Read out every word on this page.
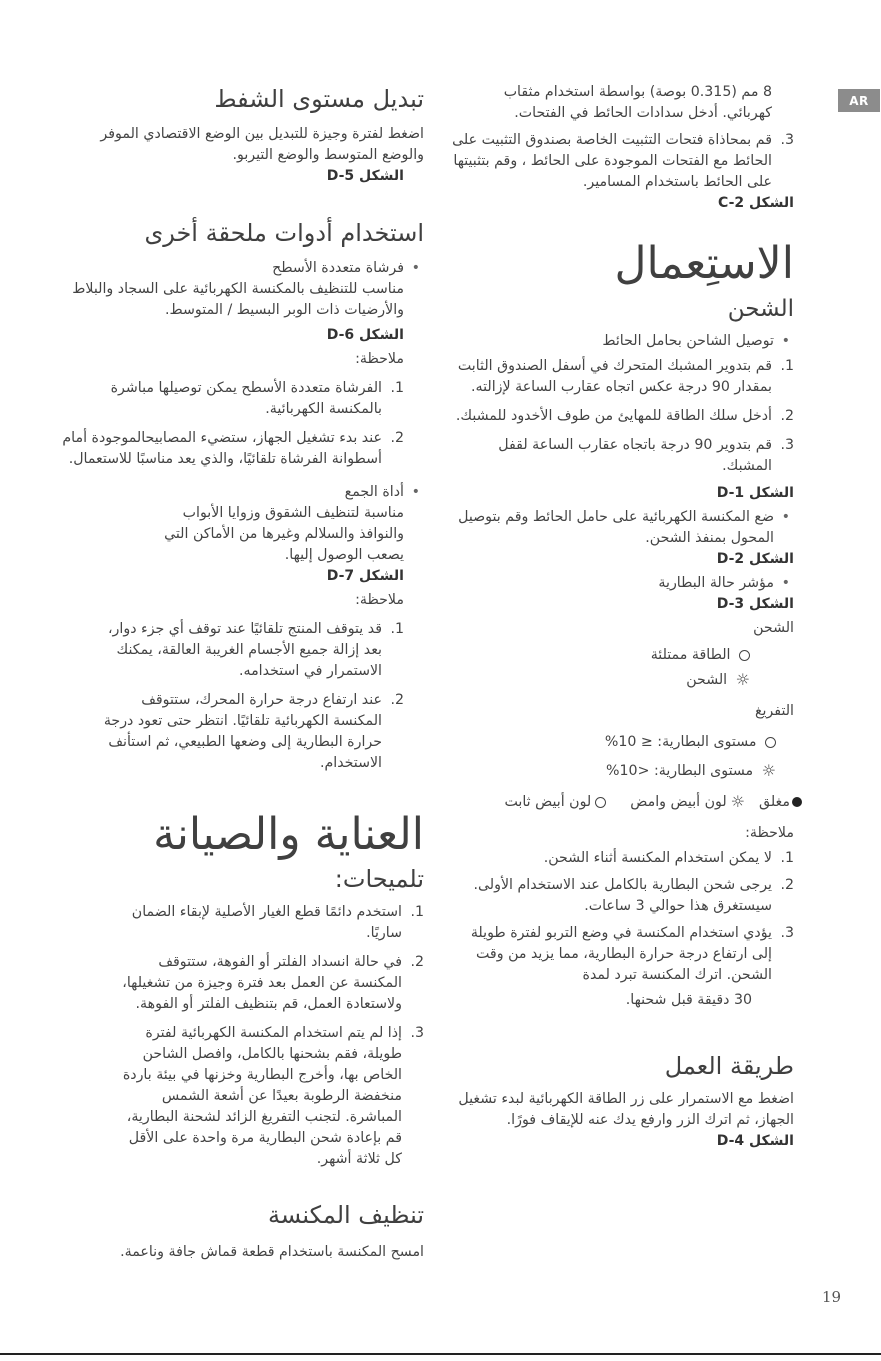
AR
8 مم (0.315 بوصة) بواسطة استخدام مثقاب
كهربائي. أدخل سدادات الحائط في الفتحات.
3.
قم بمحاذاة فتحات التثبيت الخاصة بصندوق التثبيت على الحائط مع الفتحات الموجودة على الحائط ، وقم بتثبيتها على الحائط باستخدام المسامير.
الشكل C-2
الاستِعمال
الشحن
• توصيل الشاحن بحامل الحائط
1.
قم بتدوير المشبك المتحرك في أسفل الصندوق الثابت بمقدار 90 درجة عكس اتجاه عقارب الساعة لإزالته.
2.
أدخل سلك الطاقة للمهايئ من طوف الأخدود للمشبك.
3.
قم بتدوير 90 درجة باتجاه عقارب الساعة لقفل المشبك.
الشكل D-1
• ضع المكنسة الكهربائية على حامل الحائط وقم بتوصيل المحول بمنفذ الشحن.
الشكل D-2
• مؤشر حالة البطارية
الشكل D-3
الشحن
الطاقة ممتلئة
☼ الشحن
التفريغ
مستوى البطارية: ≤ 10%
☼ مستوى البطارية: <10%
مغلق
☼لون أبيض وامض
لون أبيض ثابت
ملاحظة:
1.
لا يمكن استخدام المكنسة أثناء الشحن.
2.
يرجى شحن البطارية بالكامل عند الاستخدام الأولى. سيستغرق هذا حوالي 3 ساعات.
3.
يؤدي استخدام المكنسة في وضع التربو لفترة طويلة إلى ارتفاع درجة حرارة البطارية، مما يزيد من وقت الشحن. اترك المكنسة تبرد لمدة
30 دقيقة قبل شحنها.
طريقة العمل
اضغط مع الاستمرار على زر الطاقة الكهربائية لبدء تشغيل الجهاز، ثم اترك الزر وارفع يدك عنه للإيقاف فورًا.
الشكل D-4
تبديل مستوى الشفط
اضغط لفترة وجيزة للتبديل بين الوضع الاقتصادي الموفر والوضع المتوسط والوضع التيربو.
الشكل D-5
استخدام أدوات ملحقة أخرى
• فرشاة متعددة الأسطح
مناسب للتنظيف بالمكنسة الكهربائية على السجاد والبلاط والأرضيات ذات الوبر البسيط / المتوسط.
الشكل D-6
ملاحظة:
1.
الفرشاة متعددة الأسطح يمكن توصيلها مباشرة بالمكنسة الكهربائية.
2.
عند بدء تشغيل الجهاز، ستضيء المصابيحالموجودة أمام أسطوانة الفرشاة تلقائيًا، والذي يعد مناسبًا للاستعمال.
• أداة الجمع
مناسبة لتنظيف الشقوق وزوايا الأبواب والنوافذ والسلالم وغيرها من الأماكن التي يصعب الوصول إليها.
الشكل D-7
ملاحظة:
1.
قد يتوقف المنتج تلقائيًا عند توقف أي جزء دوار، بعد إزالة جميع الأجسام الغريبة العالقة، يمكنك الاستمرار في استخدامه.
2.
عند ارتفاع درجة حرارة المحرك، ستتوقف المكنسة الكهربائية تلقائيًا. انتظر حتى تعود درجة حرارة البطارية إلى وضعها الطبيعي، ثم استأنف الاستخدام.
العناية والصيانة
تلميحات:
1.
استخدم دائمًا قطع الغيار الأصلية لإبقاء الضمان ساريًا.
2.
في حالة انسداد الفلتر أو الفوهة، ستتوقف المكنسة عن العمل بعد فترة وجيزة من تشغيلها، ولاستعادة العمل، قم بتنظيف الفلتر أو الفوهة.
3.
إذا لم يتم استخدام المكنسة الكهربائية لفترة طويلة، فقم بشحنها بالكامل، وافصل الشاحن الخاص بها، وأخرج البطارية وخزنها في بيئة باردة منخفضة الرطوبة بعيدًا عن أشعة الشمس المباشرة. لتجنب التفريغ الزائد لشحنة البطارية، قم بإعادة شحن البطارية مرة واحدة على الأقل كل ثلاثة أشهر.
تنظيف المكنسة
امسح المكنسة باستخدام قطعة قماش جافة وناعمة.
19
